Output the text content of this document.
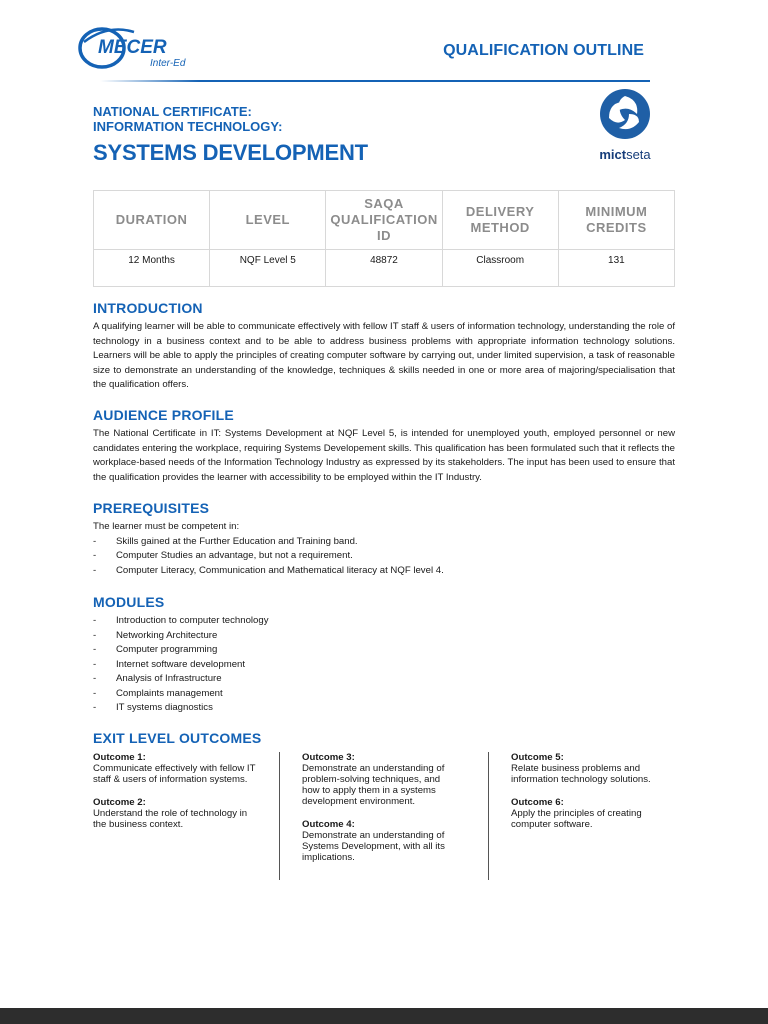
MECER
Inter-Ed
QUALIFICATION OUTLINE
NATIONAL CERTIFICATE:
INFORMATION TECHNOLOGY:
SYSTEMS DEVELOPMENT	mictseta
DURATION	LEVEL	SAQA QUALIFICATION ID	DELIVERY METHOD	MINIMUM CREDITS
12 Months	NQF Level 5	48872	Classroom	131
INTRODUCTION

A qualifying learner will be able to communicate effectively with fellow IT staff & users of information technology, understanding the role of technology in a business context and to be able to address business problems with appropriate information technology solutions. Learners will be able to apply the principles of creating computer software by carrying out, under limited supervision, a task of reasonable size to demonstrate an understanding of the knowledge, techniques & skills needed in one or more area of majoring/specialisation that the qualification offers.

AUDIENCE PROFILE

The National Certificate in IT: Systems Development at NQF Level 5, is intended for unemployed youth, employed personnel or new candidates entering the workplace, requiring Systems Developement skills. This qualification has been formulated such that it reflects the workplace-based needs of the Information Technology Industry as expressed by its stakeholders. The input has been used to ensure that the qualification provides the learner with accessibility to be employed within the IT Industry.

PREREQUISITES

The learner must be competent in:

- Skills gained at the Further Education and Training band.
- Computer Studies an advantage, but not a requirement.
- Computer Literacy, Communication and Mathematical literacy at NQF level 4.
MODULES
- Introduction to computer technology
- Networking Architecture
- Computer programming
- Internet software development
- Analysis of Infrastructure
- Complaints management
- IT systems diagnostics
EXIT LEVEL OUTCOMES
Outcome 1:
Communicate effectively with fellow IT staff & users of information systems.
Outcome 2:
Understand the role of technology in the business context.
Outcome 3:
Demonstrate an understanding of problem-solving techniques, and how to apply them in a systems development environment.
Outcome 4:
Demonstrate an understanding of Systems Development, with all its implications.
Outcome 5:
Relate business problems and information technology solutions.
Outcome 6:
Apply the principles of creating computer software.
